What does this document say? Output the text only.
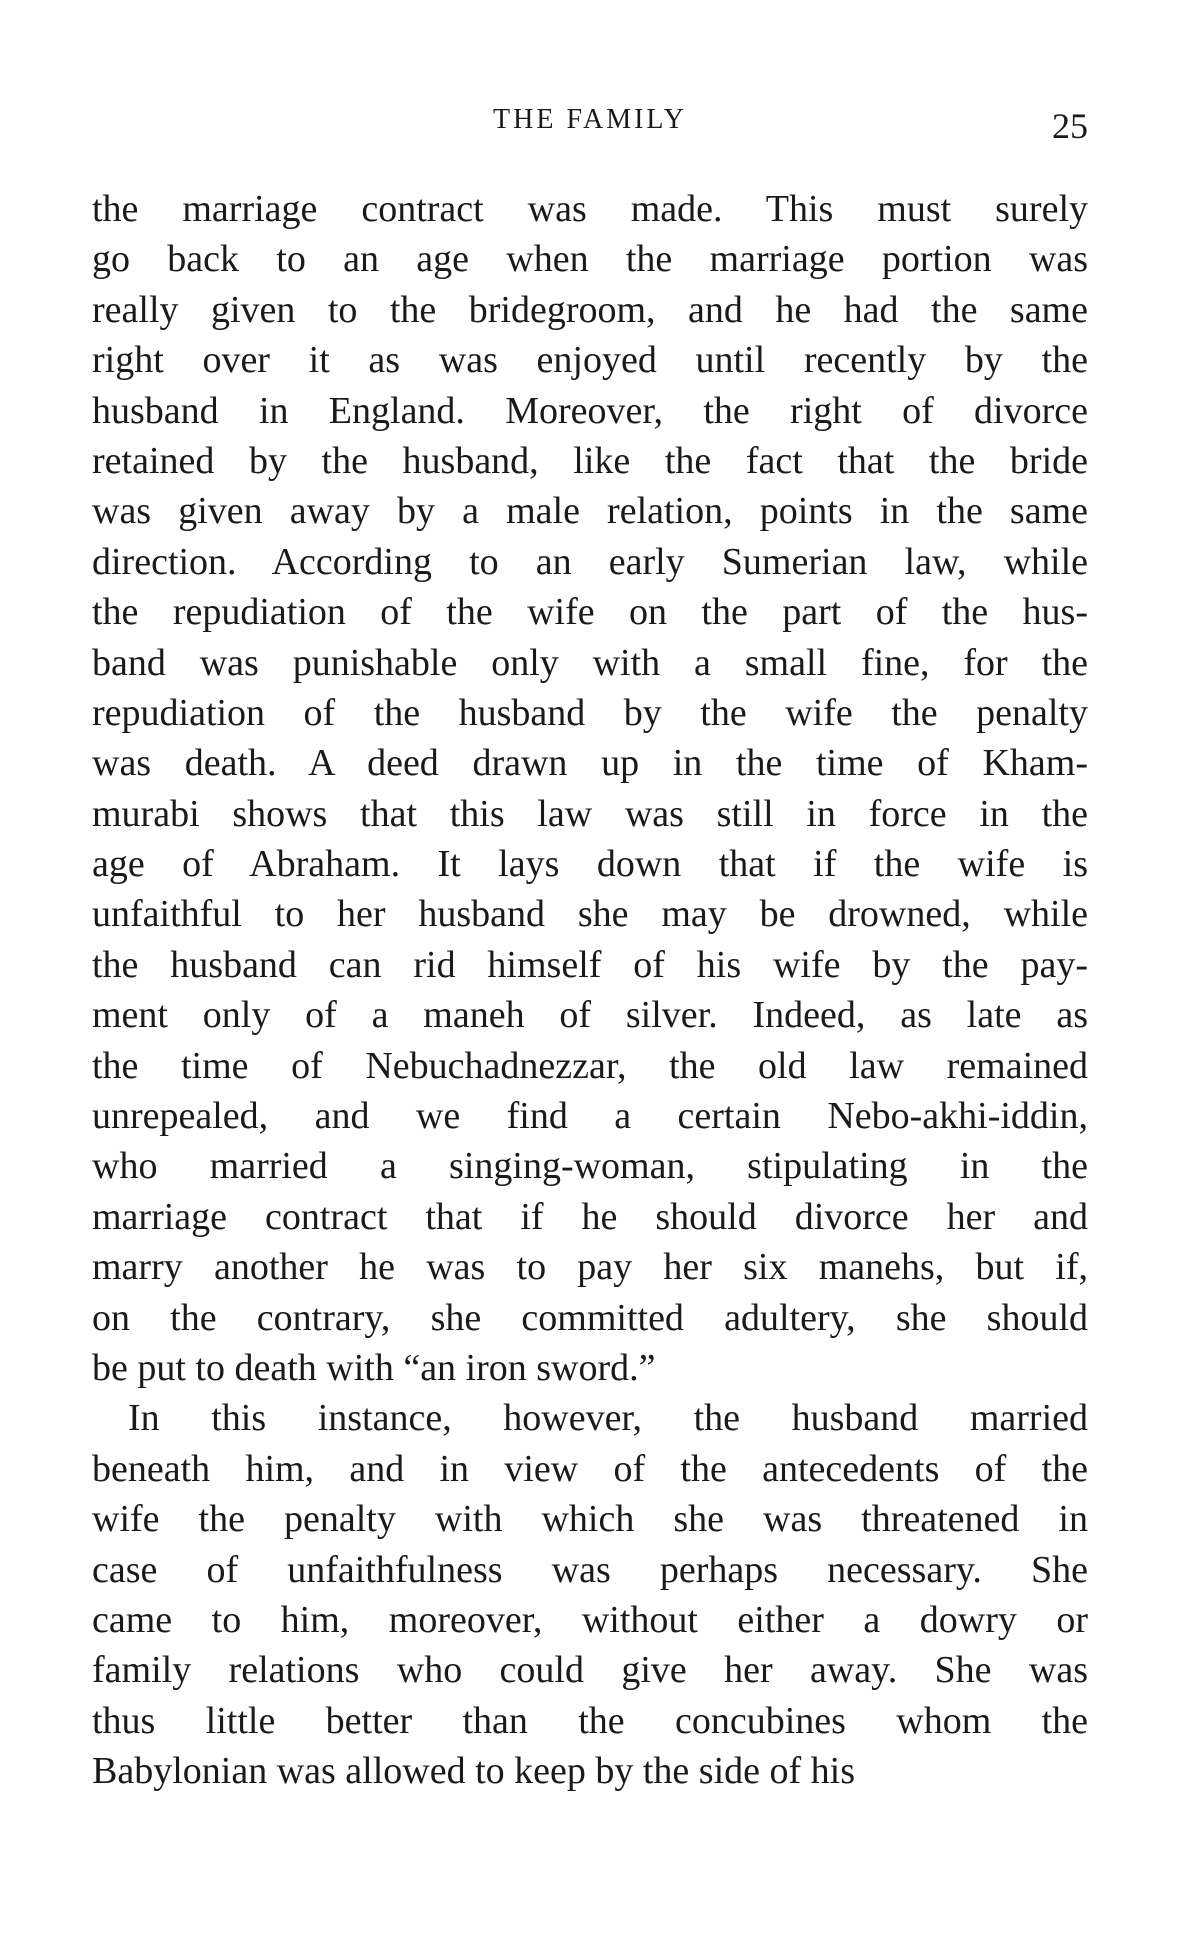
THE FAMILY	25
the marriage contract was made. This must surely
go back to an age when the marriage portion was
really given to the bridegroom, and he had the same
right over it as was enjoyed until recently by the
husband in England. Moreover, the right of divorce
retained by the husband, like the fact that the bride
was given away by a male relation, points in the same
direction. According to an early Sumerian law, while
the repudiation of the wife on the part of the hus-
band was punishable only with a small fine, for the
repudiation of the husband by the wife the penalty
was death. A deed drawn up in the time of Kham-
murabi shows that this law was still in force in the
age of Abraham. It lays down that if the wife is
unfaithful to her husband she may be drowned, while
the husband can rid himself of his wife by the pay-
ment only of a maneh of silver. Indeed, as late as
the time of Nebuchadnezzar, the old law remained
unrepealed, and we find a certain Nebo-akhi-iddin,
who married a singing-woman, stipulating in the
marriage contract that if he should divorce her and
marry another he was to pay her six manehs, but if,
on the contrary, she committed adultery, she should
be put to death with “an iron sword.”
In this instance, however, the husband married
beneath him, and in view of the antecedents of the
wife the penalty with which she was threatened in
case of unfaithfulness was perhaps necessary. She
came to him, moreover, without either a dowry or
family relations who could give her away. She was
thus little better than the concubines whom the
Babylonian was allowed to keep by the side of his
